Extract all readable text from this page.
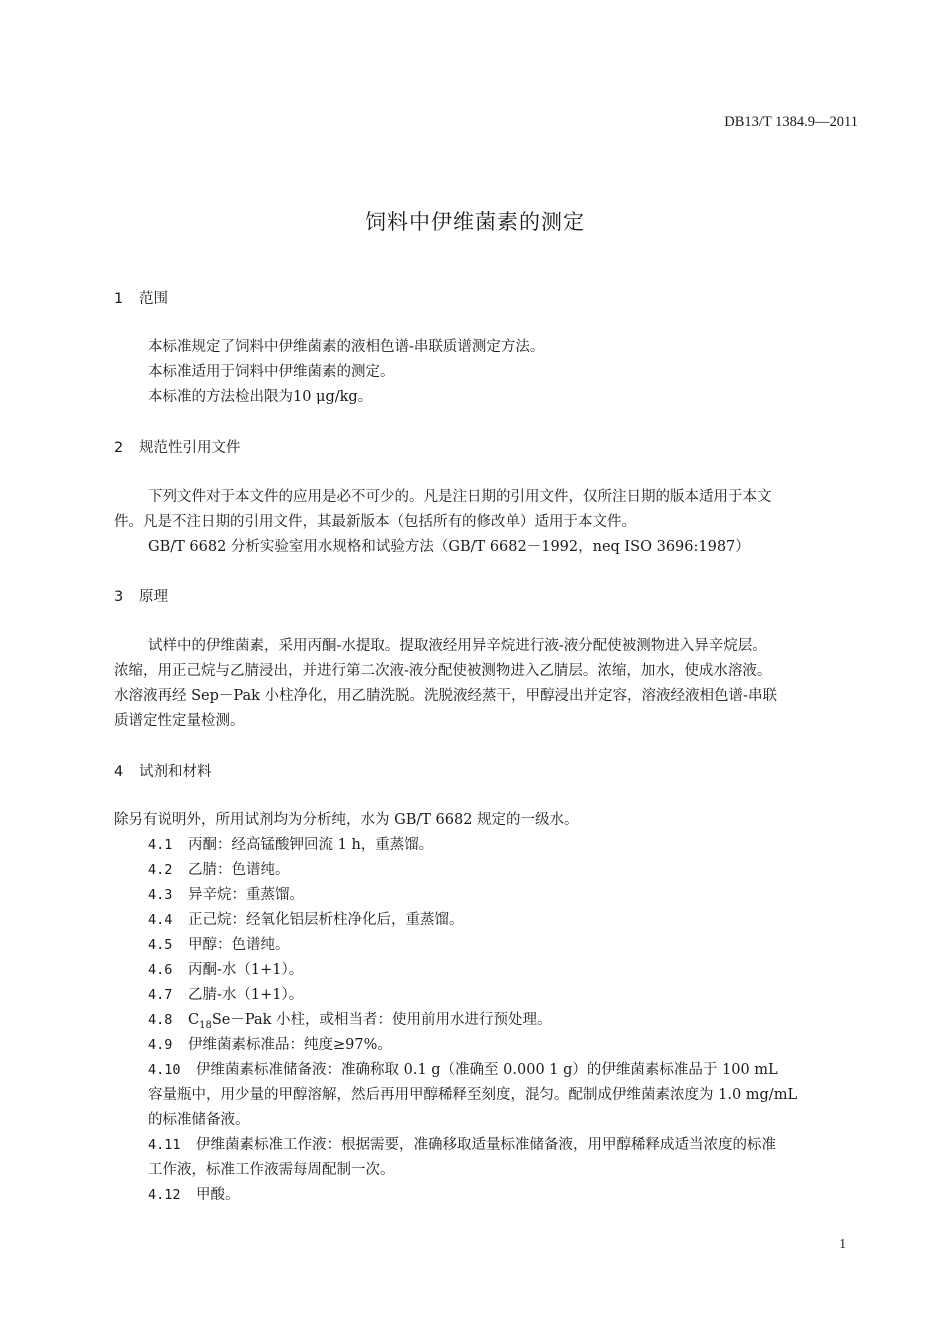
DB13/T 1384.9—2011
饲料中伊维菌素的测定
1 范围
本标准规定了饲料中伊维菌素的液相色谱-串联质谱测定方法。
本标准适用于饲料中伊维菌素的测定。
本标准的方法检出限为10 μg/kg。
2 规范性引用文件
下列文件对于本文件的应用是必不可少的。凡是注日期的引用文件，仅所注日期的版本适用于本文
件。凡是不注日期的引用文件，其最新版本（包括所有的修改单）适用于本文件。
GB/T 6682 分析实验室用水规格和试验方法（GB/T 6682－1992，neq ISO 3696:1987）
3 原理
试样中的伊维菌素，采用丙酮-水提取。提取液经用异辛烷进行液-液分配使被测物进入异辛烷层。
浓缩，用正己烷与乙腈浸出，并进行第二次液-液分配使被测物进入乙腈层。浓缩，加水，使成水溶液。
水溶液再经 Sep－Pak 小柱净化，用乙腈洗脱。洗脱液经蒸干，甲醇浸出并定容，溶液经液相色谱-串联
质谱定性定量检测。
4 试剂和材料
除另有说明外，所用试剂均为分析纯，水为 GB/T 6682 规定的一级水。
4.1 丙酮：经高锰酸钾回流 1 h，重蒸馏。
4.2 乙腈：色谱纯。
4.3 异辛烷：重蒸馏。
4.4 正己烷：经氧化铝层析柱净化后，重蒸馏。
4.5 甲醇：色谱纯。
4.6 丙酮-水（1+1）。
4.7 乙腈-水（1+1）。
4.8 $C_{18}Se-Pak$ 小柱，或相当者：使用前用水进行预处理。
4.9 伊维菌素标准品：纯度≥97%。
4.10 伊维菌素标准储备液：准确称取 0.1 g（准确至 0.000 1 g）的伊维菌素标准品于 100 mL
容量瓶中，用少量的甲醇溶解，然后再用甲醇稀释至刻度，混匀。配制成伊维菌素浓度为 1.0 mg/mL
的标准储备液。
4.11 伊维菌素标准工作液：根据需要，准确移取适量标准储备液，用甲醇稀释成适当浓度的标准
工作液，标准工作液需每周配制一次。
4.12 甲酸。
1
